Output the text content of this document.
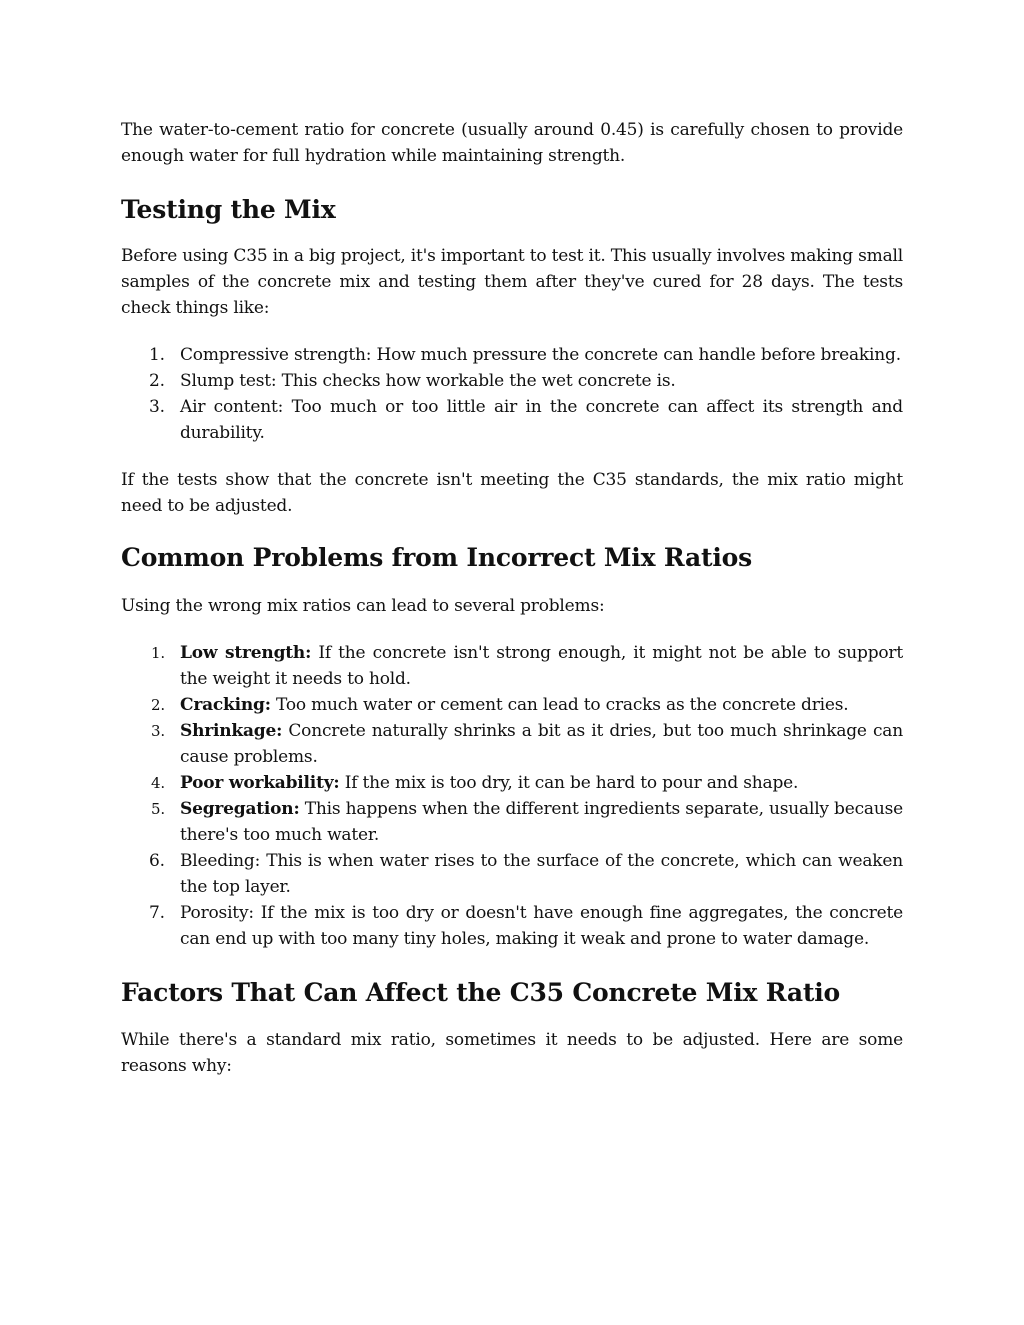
The water-to-cement ratio for concrete (usually around 0.45) is carefully chosen to provide enough water for full hydration while maintaining strength.

Testing the Mix

Before using C35 in a big project, it's important to test it. This usually involves making small samples of the concrete mix and testing them after they've cured for 28 days. The tests check things like:

1. Compressive strength: How much pressure the concrete can handle before breaking.
2. Slump test: This checks how workable the wet concrete is.
3. Air content: Too much or too little air in the concrete can affect its strength and durability.

If the tests show that the concrete isn't meeting the C35 standards, the mix ratio might need to be adjusted.

Common Problems from Incorrect Mix Ratios

Using the wrong mix ratios can lead to several problems:

1. Low strength: If the concrete isn't strong enough, it might not be able to support the weight it needs to hold.
2. Cracking: Too much water or cement can lead to cracks as the concrete dries.
3. Shrinkage: Concrete naturally shrinks a bit as it dries, but too much shrinkage can cause problems.
4. Poor workability: If the mix is too dry, it can be hard to pour and shape.
5. Segregation: This happens when the different ingredients separate, usually because there's too much water.
6. Bleeding: This is when water rises to the surface of the concrete, which can weaken the top layer.
7. Porosity: If the mix is too dry or doesn't have enough fine aggregates, the concrete can end up with too many tiny holes, making it weak and prone to water damage.
Factors That Can Affect the C35 Concrete Mix Ratio

While there's a standard mix ratio, sometimes it needs to be adjusted. Here are some reasons why:
